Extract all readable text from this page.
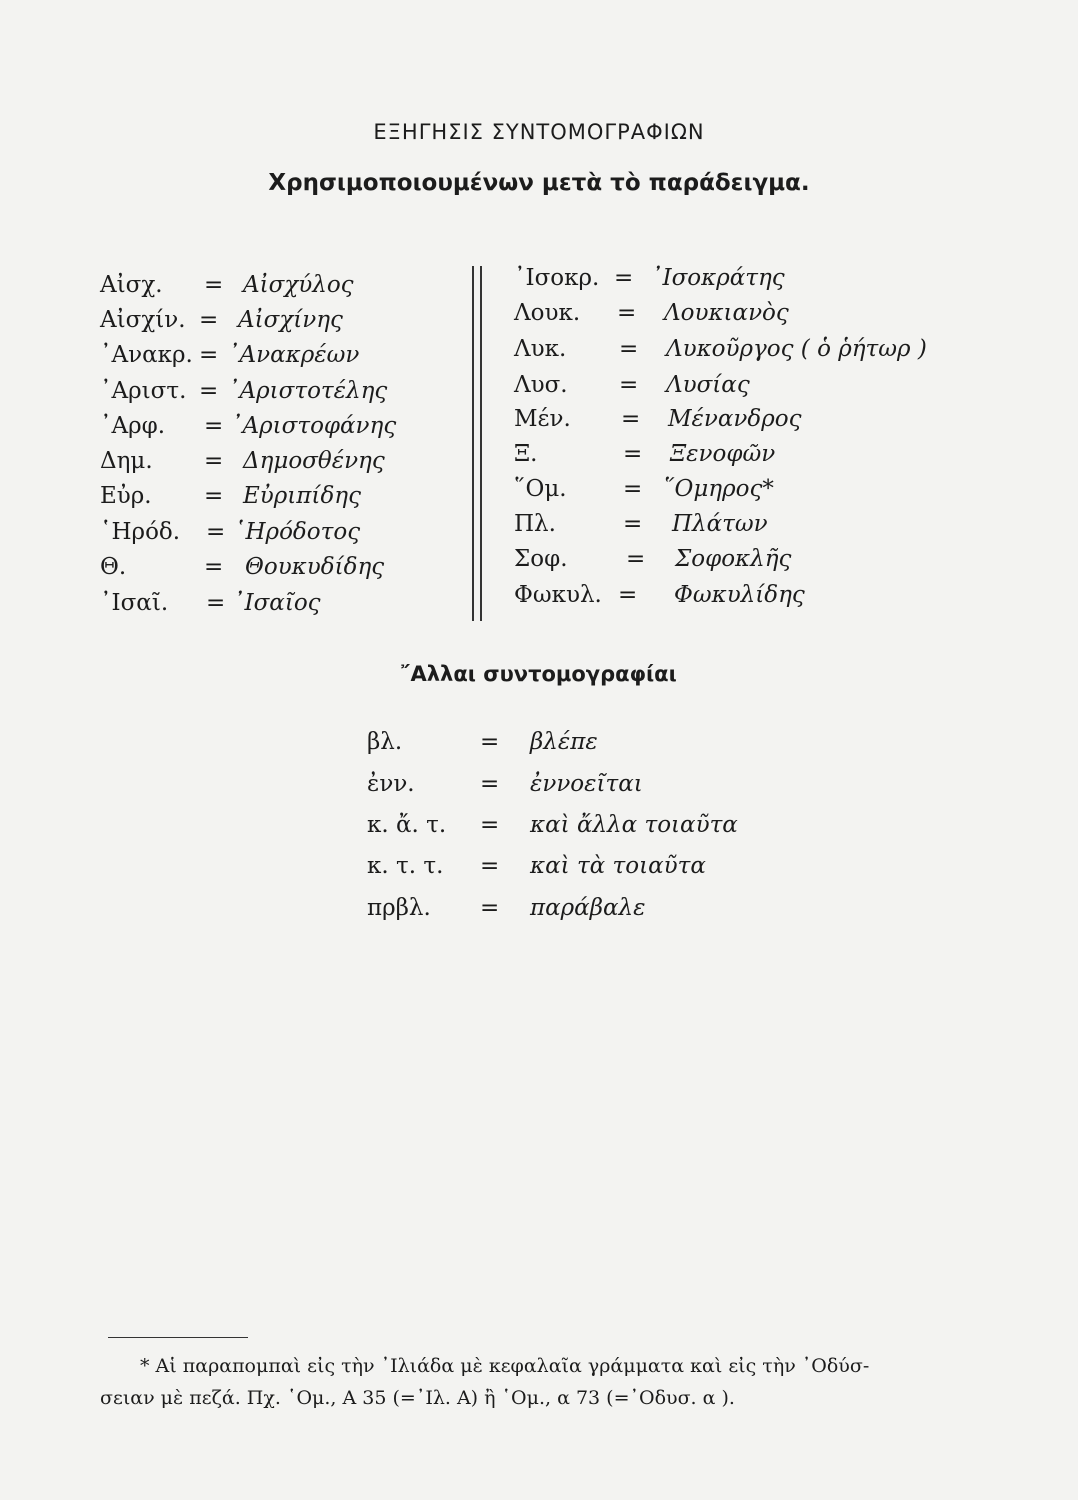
ΕΞΗΓΗΣΙΣ ΣΥΝΤΟΜΟΓΡΑΦΙΩΝ
Χρησιμοποιουμένων μετὰ τὸ παράδειγμα.
Αἰσχ. = Αἰσχύλος
Αἰσχίν. = Αἰσχίνης
᾿Ανακρ. = ᾿Ανακρέων
᾿Αριστ. = ᾿Αριστοτέλης
᾿Αρφ. = ᾿Αριστοφάνης
Δημ. = Δημοσθένης
Εὐρ. = Εὐριπίδης
῾Ηρόδ. = ῾Ηρόδοτος
Θ.	= Θουκυδίδης
᾿Ισαῖ. = ᾿Ισαῖος
᾿Ισοκρ. = ᾿Ισοκράτης
Λουκ. = Λουκιανὸς
Λυκ. = Λυκοῦργος ( ὁ ῥήτωρ )
Λυσ. = Λυσίας
Μέν. = Μένανδρος
Ξ.	= Ξενοφῶν
῞Ομ. = ῞Ομηρος*
Πλ.	= Πλάτων
Σοφ.	= Σοφοκλῆς
Φωκυλ. = Φωκυλίδης
῎Αλλαι συντομογραφίαι
βλ.	= βλέπε
ἐνν.	= ἐννοεῖται
κ. ἄ. τ. = καὶ ἄλλα τοιαῦτα
κ. τ. τ. = καὶ τὰ τοιαῦτα
πρβλ. = παράβαλε
* Αἱ παραπομπαὶ εἰς τὴν ᾿Ιλιάδα μὲ κεφαλαῖα γράμματα καὶ εἰς τὴν ᾿Οδύσ-
σειαν μὲ πεζά. Πχ. ῾Ομ., Α 35 (=᾿Ιλ. Α) ἢ ῾Ομ., α 73 (=᾿Οδυσ. α ).
